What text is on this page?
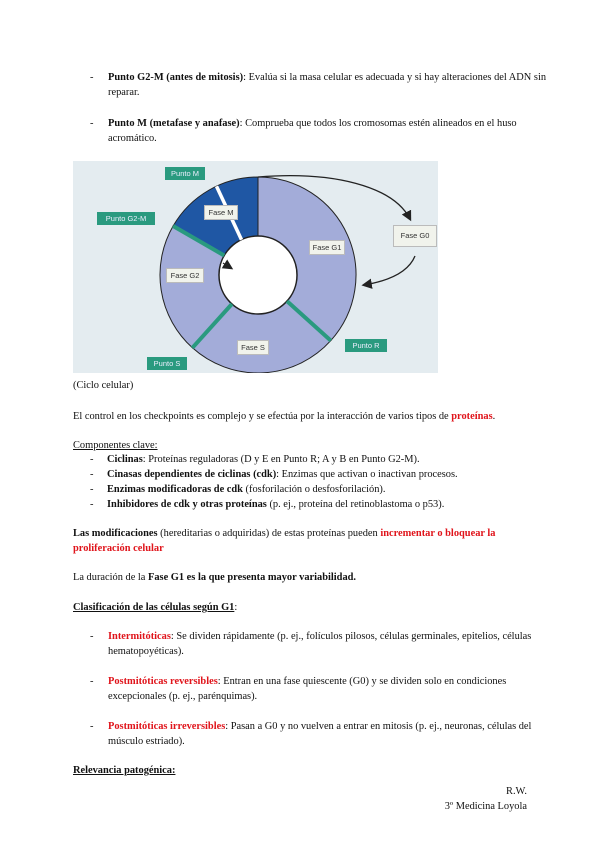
- Punto G2-M (antes de mitosis): Evalúa si la masa celular es adecuada y si hay alteraciones del ADN sin reparar.
- Punto M (metafase y anafase): Comprueba que todos los cromosomas estén alineados en el huso acromático.
Punto M
Punto G2-M
Fase M
Fase G1
Fase G0
Fase G2
Fase S	Punto R
Punto S
(Ciclo celular)
El control en los checkpoints es complejo y se efectúa por la interacción de varios tipos de proteínas.
Componentes clave:
- Ciclinas: Proteínas reguladoras (D y E en Punto R; A y B en Punto G2-M).
- Cinasas dependientes de ciclinas (cdk): Enzimas que activan o inactivan procesos.
- Enzimas modificadoras de cdk (fosforilación o desfosforilación).
- Inhibidores de cdk y otras proteínas (p. ej., proteína del retinoblastoma o p53).
Las modificaciones (hereditarias o adquiridas) de estas proteínas pueden incrementar o bloquear la proliferación celular
La duración de la Fase G1 es la que presenta mayor variabilidad.
Clasificación de las células según G1:
- Intermitóticas: Se dividen rápidamente (p. ej., folículos pilosos, células germinales, epitelios, células hematopoyéticas).
- Postmitóticas reversibles: Entran en una fase quiescente (G0) y se dividen solo en condiciones excepcionales (p. ej., parénquimas).
- Postmitóticas irreversibles: Pasan a G0 y no vuelven a entrar en mitosis (p. ej., neuronas, células del músculo estriado).
Relevancia patogénica:
R.W.
3º Medicina Loyola
